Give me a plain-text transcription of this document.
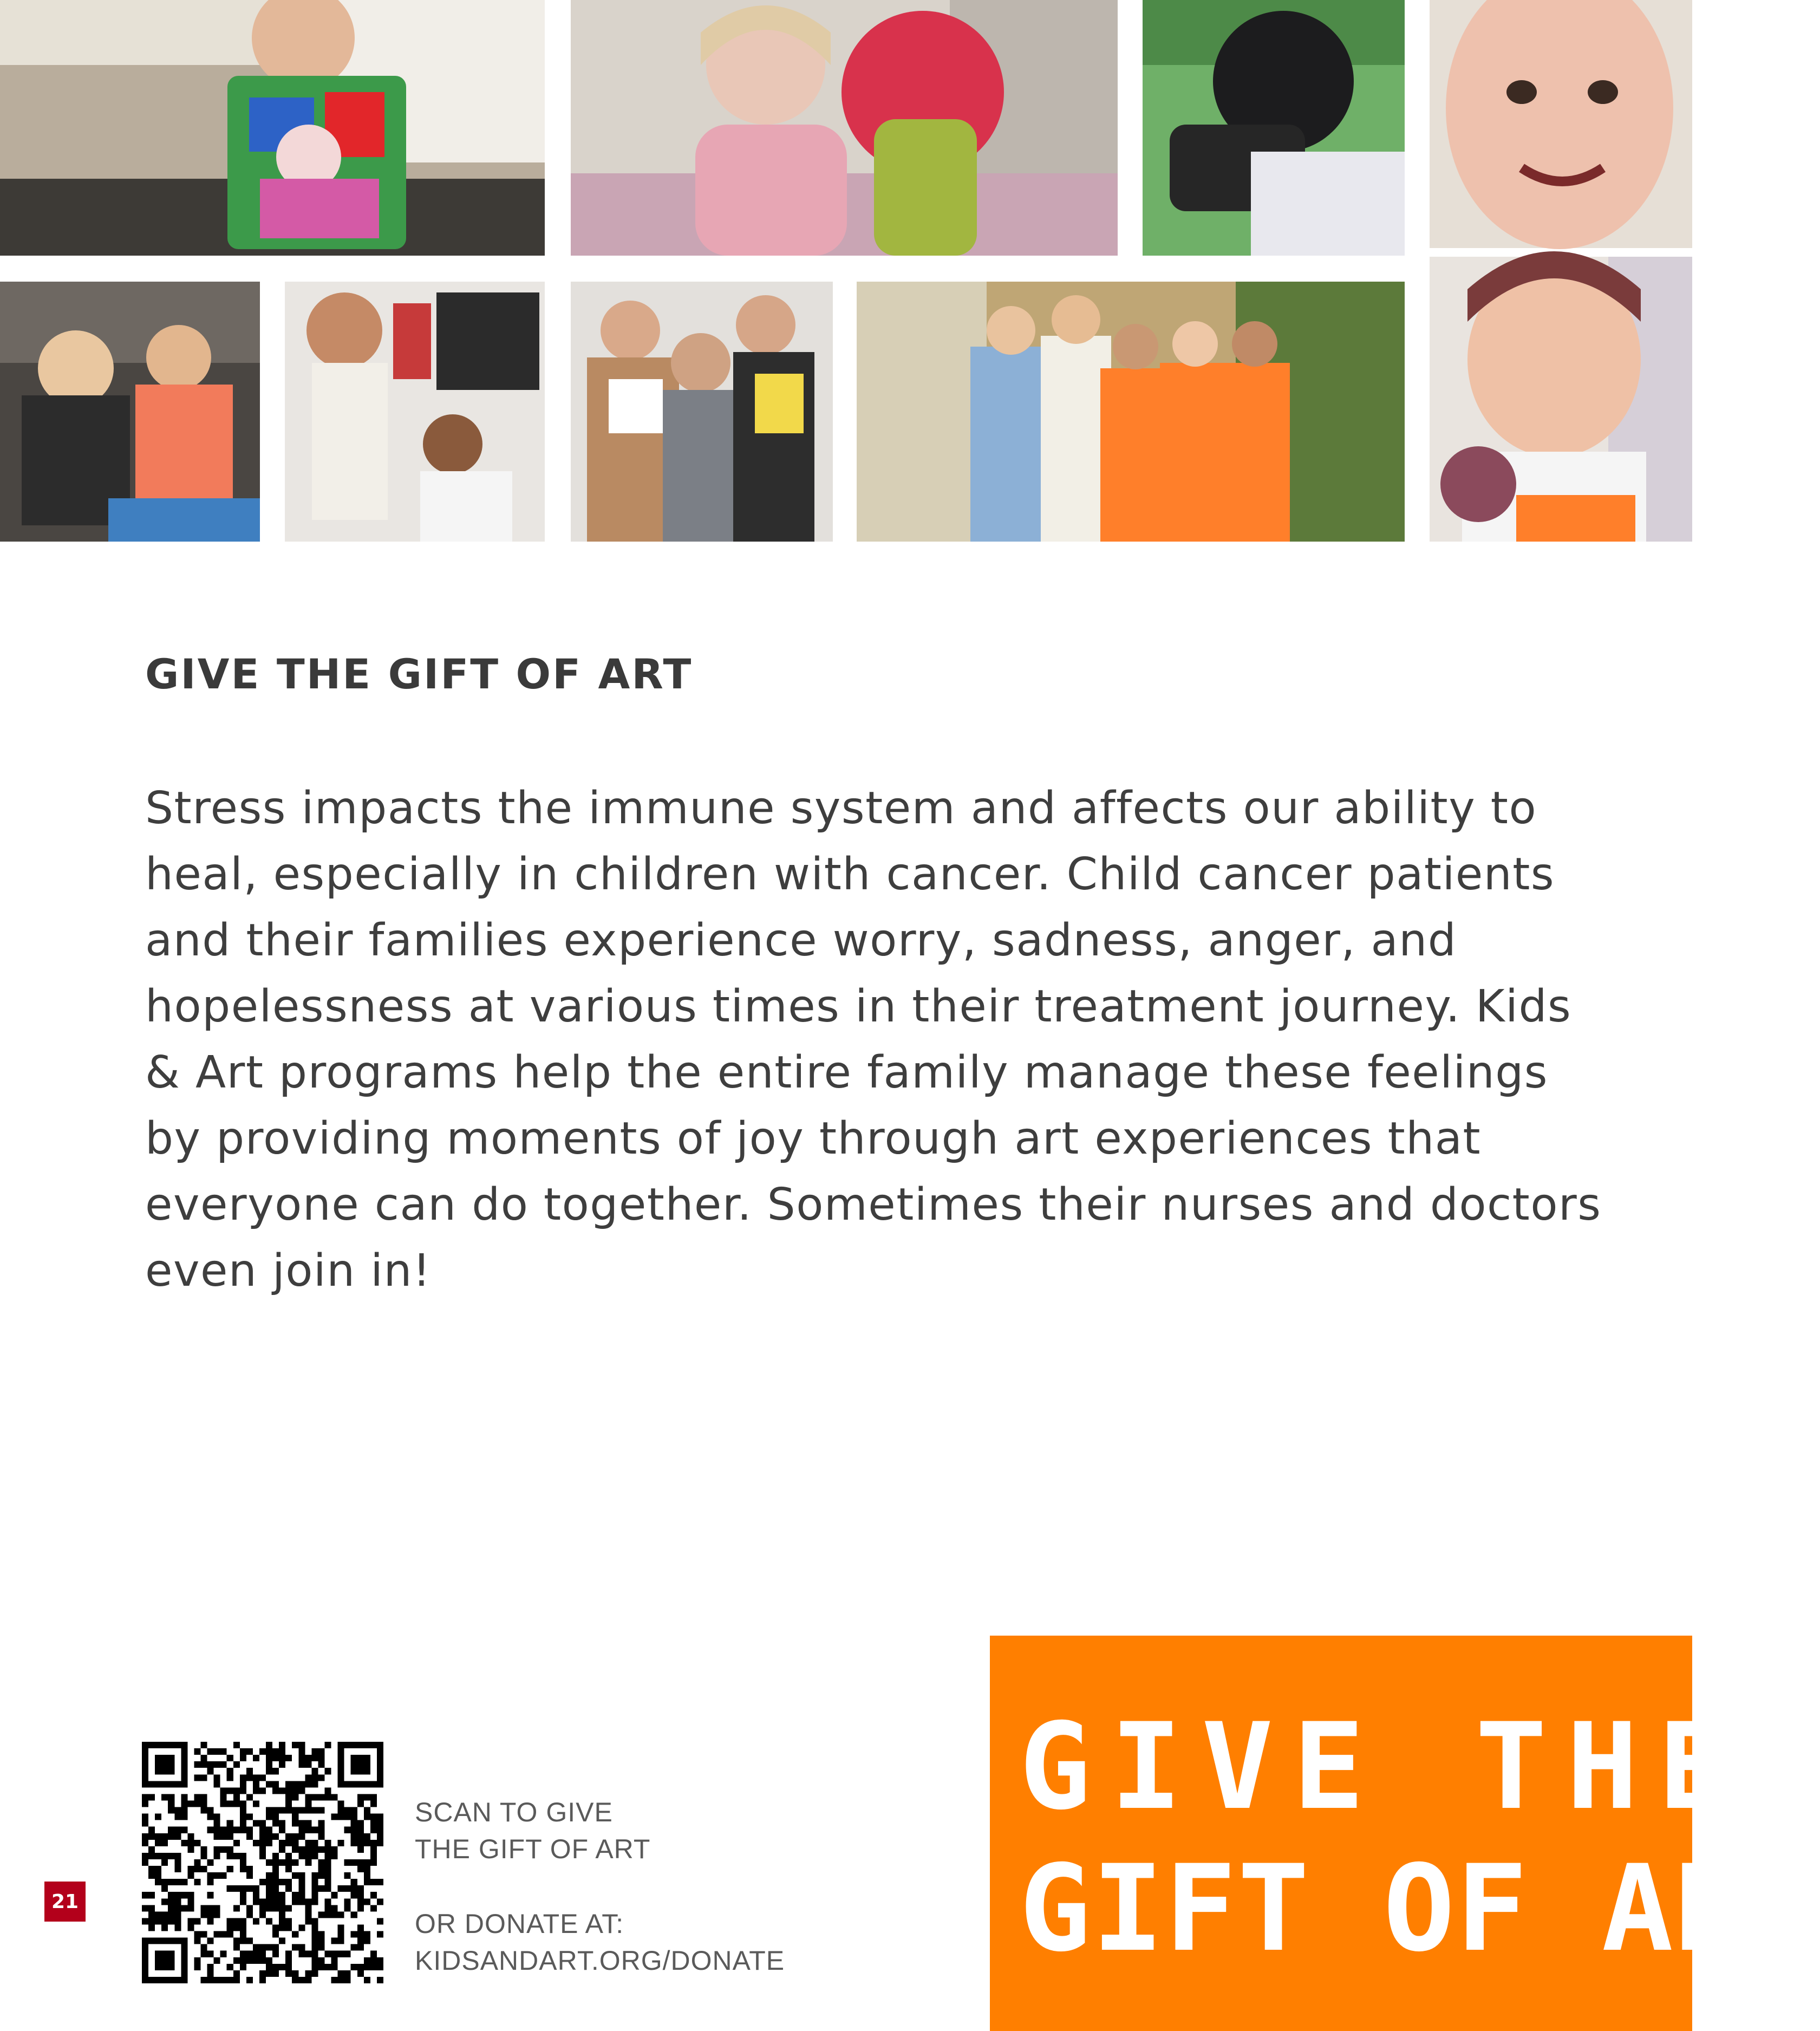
GIVE THE GIFT OF ART

Stress impacts the immune system and affects our ability to heal, especially in children with cancer. Child cancer patients and their families experience worry, sadness, anger, and hopelessness at various times in their treatment journey. Kids & Art programs help the entire family manage these feelings by providing moments of joy through art experiences that everyone can do together. Sometimes their nurses and doctors even join in!

SCAN TO GIVE
THE GIFT OF ART
OR DONATE AT:
KIDSANDART.ORG/DONATE
21
GIVE THE
GIFT OF ART
